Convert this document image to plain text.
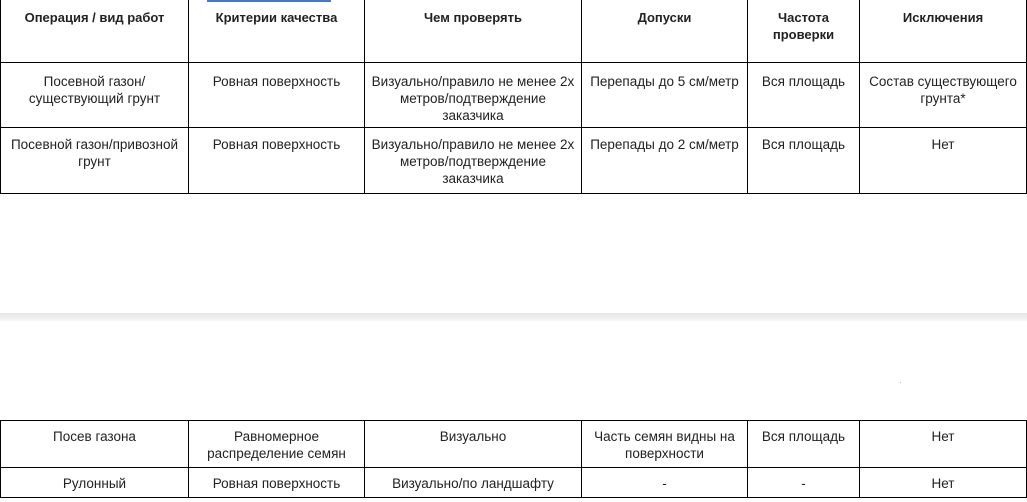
Операция / вид работ	Критерии качества	Чем проверять	Допуски	Частота проверки	Исключения
Посевной газон/существующий грунт	Ровная поверхность	Визуально/правило не менее 2х метров/подтверждение заказчика	Перепады до 5 см/метр	Вся площадь	Состав существующего грунта*
Посевной газон/привозной грунт	Ровная поверхность	Визуально/правило не менее 2х метров/подтверждение заказчика	Перепады до 2 см/метр	Вся площадь	Нет
Посев газона	Равномерное распределение семян	Визуально	Часть семян видны на поверхности	Вся площадь	Нет
Рулонный	Ровная поверхность	Визуально/по ландшафту	-	-	Нет
